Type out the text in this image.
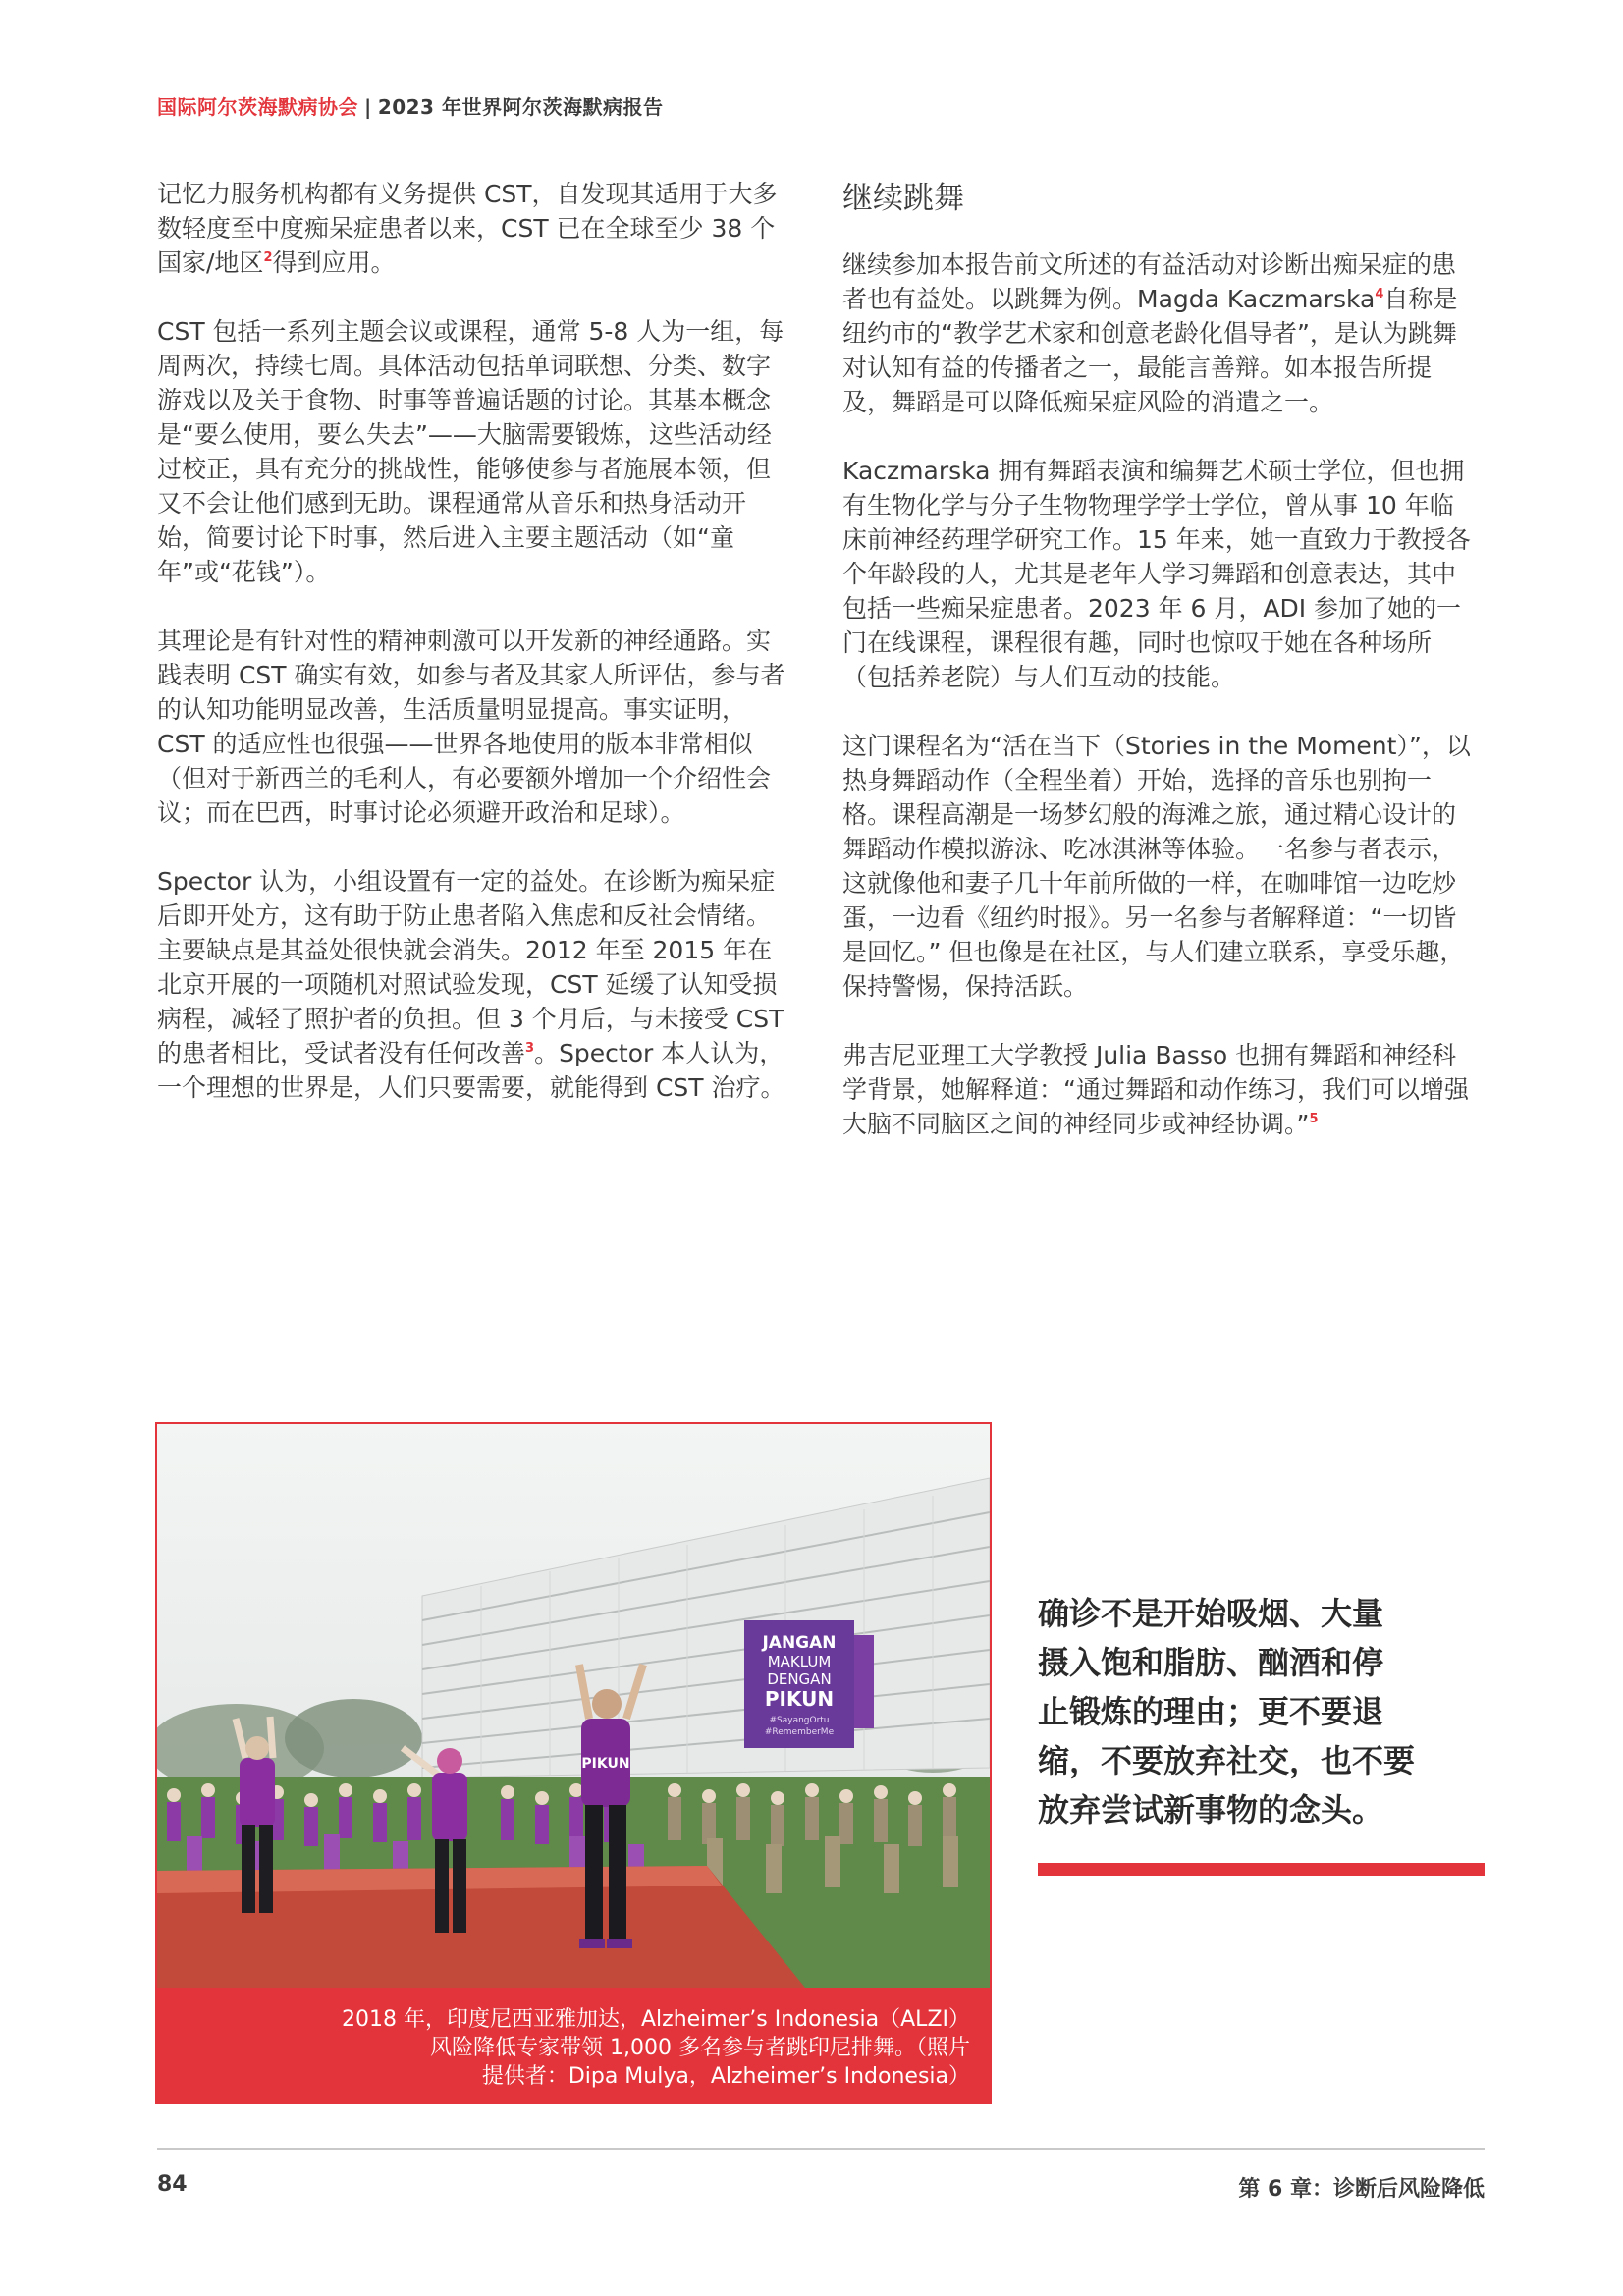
国际阿尔茨海默病协会 | 2023 年世界阿尔茨海默病报告

记忆力服务机构都有义务提供 CST，自发现其适用于大多数轻度至中度痴呆症患者以来，CST 已在全球至少 38 个国家/地区$^2$得到应用。

CST 包括一系列主题会议或课程，通常 5-8 人为一组，每周两次，持续七周。具体活动包括单词联想、分类、数字游戏以及关于食物、时事等普遍话题的讨论。其基本概念是“要么使用，要么失去”——大脑需要锻炼，这些活动经过校正，具有充分的挑战性，能够使参与者施展本领，但又不会让他们感到无助。课程通常从音乐和热身活动开始，简要讨论下时事，然后进入主要主题活动（如“童年”或“花钱”）。

其理论是有针对性的精神刺激可以开发新的神经通路。实践表明 CST 确实有效，如参与者及其家人所评估，参与者的认知功能明显改善，生活质量明显提高。事实证明，CST 的适应性也很强——世界各地使用的版本非常相似（但对于新西兰的毛利人，有必要额外增加一个介绍性会议；而在巴西，时事讨论必须避开政治和足球）。

Spector 认为，小组设置有一定的益处。在诊断为痴呆症后即开处方，这有助于防止患者陷入焦虑和反社会情绪。主要缺点是其益处很快就会消失。2012 年至 2015 年在北京开展的一项随机对照试验发现，CST 延缓了认知受损病程，减轻了照护者的负担。但 3 个月后，与未接受 CST 的患者相比，受试者没有任何改善$^3$。Spector 本人认为，一个理想的世界是，人们只要需要，就能得到 CST 治疗。

继续跳舞

继续参加本报告前文所述的有益活动对诊断出痴呆症的患者也有益处。以跳舞为例。Magda Kaczmarska$^4$自称是纽约市的“教学艺术家和创意老龄化倡导者”，是认为跳舞对认知有益的传播者之一，最能言善辩。如本报告所提及，舞蹈是可以降低痴呆症风险的消遣之一。

Kaczmarska 拥有舞蹈表演和编舞艺术硕士学位，但也拥有生物化学与分子生物物理学学士学位，曾从事 10 年临床前神经药理学研究工作。15 年来，她一直致力于教授各个年龄段的人，尤其是老年人学习舞蹈和创意表达，其中包括一些痴呆症患者。2023 年 6 月，ADI 参加了她的一门在线课程，课程很有趣，同时也惊叹于她在各种场所（包括养老院）与人们互动的技能。

这门课程名为“活在当下（Stories in the Moment）”，以热身舞蹈动作（全程坐着）开始，选择的音乐也别拘一格。课程高潮是一场梦幻般的海滩之旅，通过精心设计的舞蹈动作模拟游泳、吃冰淇淋等体验。一名参与者表示，这就像他和妻子几十年前所做的一样，在咖啡馆一边吃炒蛋，一边看《纽约时报》。另一名参与者解释道：“一切皆是回忆。” 但也像是在社区，与人们建立联系，享受乐趣，保持警惕，保持活跃。

弗吉尼亚理工大学教授 Julia Basso 也拥有舞蹈和神经科学背景，她解释道：“通过舞蹈和动作练习，我们可以增强大脑不同脑区之间的神经同步或神经协调。”$^5$

JANGAN
MAKLUM
DENGAN
PIKUN
#SayangOrtu
#RememberMe
PIKUN
2018 年，印度尼西亚雅加达，Alzheimer’s Indonesia（ALZI）
风险降低专家带领 1,000 多名参与者跳印尼排舞。（照片
提供者：Dipa Mulya，Alzheimer’s Indonesia）
确诊不是开始吸烟、大量
摄入饱和脂肪、酗酒和停
止锻炼的理由；更不要退
缩，不要放弃社交，也不要
放弃尝试新事物的念头。
84	第 6 章：诊断后风险降低
